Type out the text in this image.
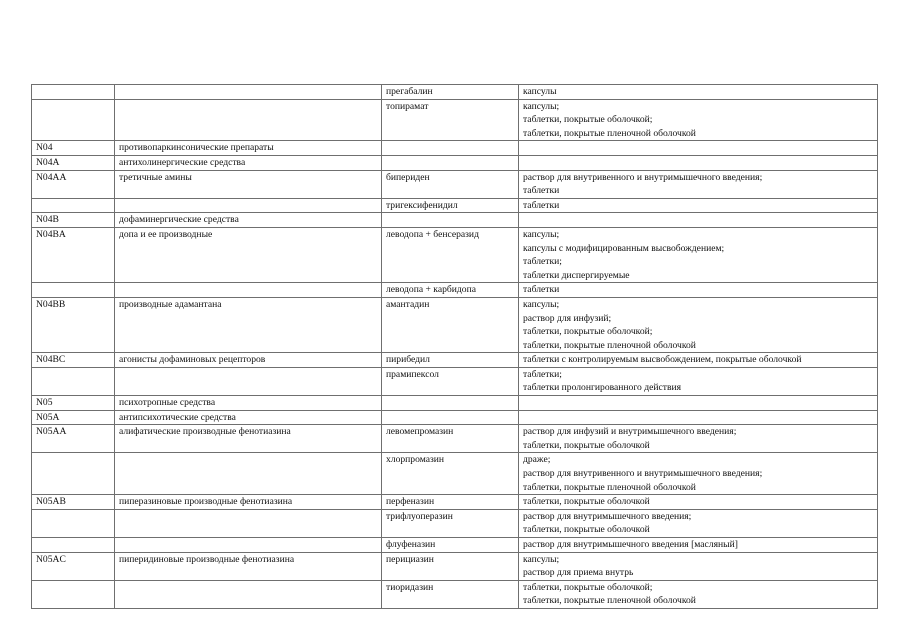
		прегабалин	капсулы

		топирамат	капсулы;
таблетки, покрытые оболочкой;
таблетки, покрытые пленочной оболочкой

N04	противопаркинсонические препараты		
N04A	антихолинергические средства		
N04AA	третичные амины	бипериден	раствор для внутривенного и внутримышечного введения;
таблетки

		тригексифенидил	таблетки

N04B	дофаминергические средства		
N04BA	допа и ее производные	леводопа + бенсеразид	капсулы;
капсулы с модифицированным высвобождением;
таблетки;
таблетки диспергируемые

		леводопа + карбидопа	таблетки

N04BB	производные адамантана	амантадин	капсулы;
раствор для инфузий;
таблетки, покрытые оболочкой;
таблетки, покрытые пленочной оболочкой

N04BC	агонисты дофаминовых рецепторов	пирибедил	таблетки с контролируемым высвобождением, покрытые оболочкой

		прамипексол	таблетки;
таблетки пролонгированного действия

N05	психотропные средства		
N05A	антипсихотические средства		
N05AA	алифатические производные фенотиазина	левомепромазин	раствор для инфузий и внутримышечного введения;
таблетки, покрытые оболочкой

		хлорпромазин	драже;
раствор для внутривенного и внутримышечного введения;
таблетки, покрытые пленочной оболочкой

N05AB	пиперазиновые производные фенотиазина	перфеназин	таблетки, покрытые оболочкой

		трифлуоперазин	раствор для внутримышечного введения;
таблетки, покрытые оболочкой

		флуфеназин	раствор для внутримышечного введения [масляный]

N05AC	пиперидиновые производные фенотиазина	перициазин	капсулы;
раствор для приема внутрь

		тиоридазин	таблетки, покрытые оболочкой;
таблетки, покрытые пленочной оболочкой
